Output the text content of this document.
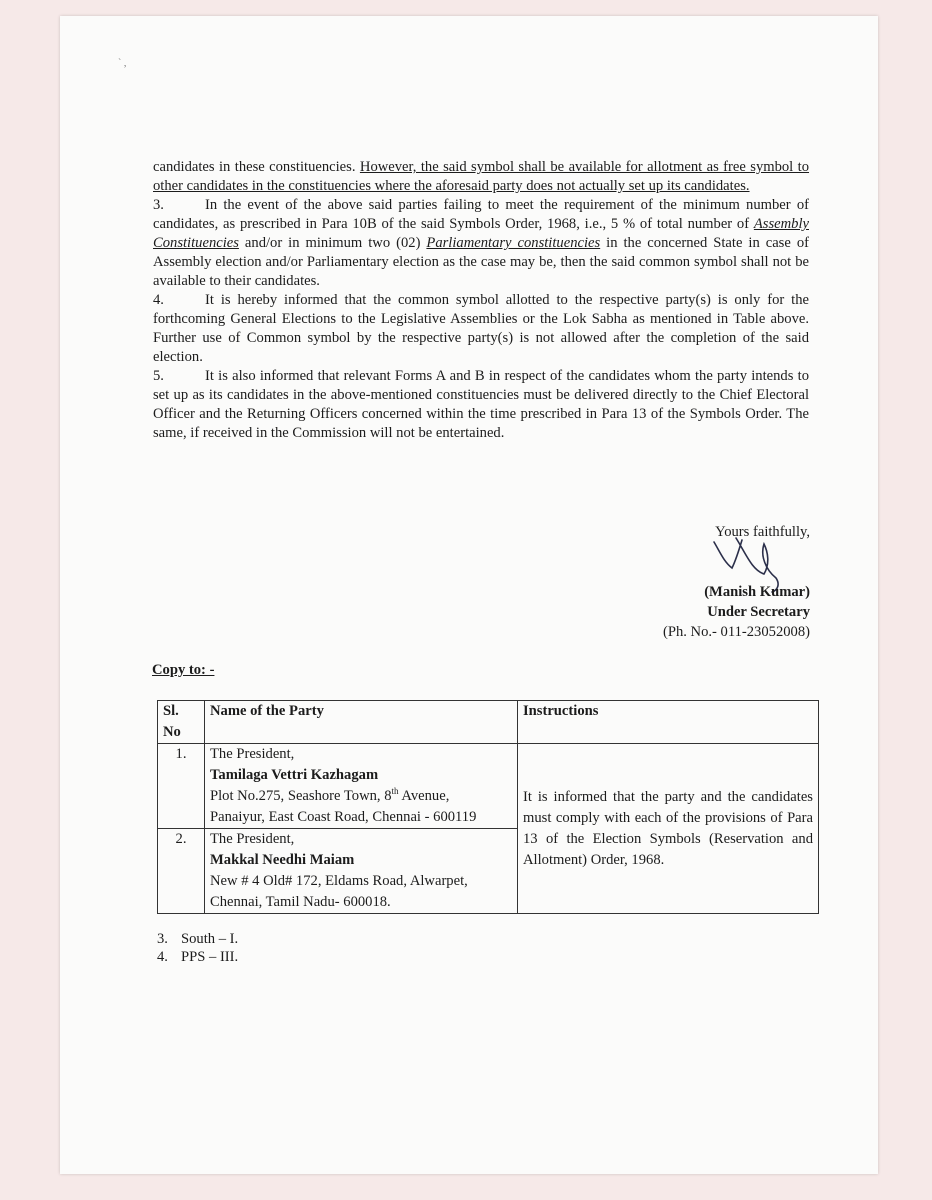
` ,

candidates in these constituencies. However, the said symbol shall be available for allotment as free symbol to other candidates in the constituencies where the aforesaid party does not actually set up its candidates.

3.	In the event of the above said parties failing to meet the requirement of the minimum number of candidates, as prescribed in Para 10B of the said Symbols Order, 1968, i.e., 5 % of total number of Assembly Constituencies and/or in minimum two (02) Parliamentary constituencies in the concerned State in case of Assembly election and/or Parliamentary election as the case may be, then the said common symbol shall not be available to their candidates.

4.	It is hereby informed that the common symbol allotted to the respective party(s) is only for the forthcoming General Elections to the Legislative Assemblies or the Lok Sabha as mentioned in Table above. Further use of Common symbol by the respective party(s) is not allowed after the completion of the said election.

5.	It is also informed that relevant Forms A and B in respect of the candidates whom the party intends to set up as its candidates in the above-mentioned constituencies must be delivered directly to the Chief Electoral Officer and the Returning Officers concerned within the time prescribed in Para 13 of the Symbols Order. The same, if received in the Commission will not be entertained.

Yours faithfully,
(Manish Kumar)
Under Secretary
(Ph. No.- 011-23052008)
Copy to: -
Sl. No	Name of the Party	Instructions
1.	The President,
Tamilaga Vettri Kazhagam
Plot No.275, Seashore Town, 8th Avenue,
Panaiyur, East Coast Road, Chennai - 600119	It is informed that the party and the candidates must comply with each of the provisions of Para 13 of the Election Symbols (Reservation and Allotment) Order, 1968.
2.	The President,
Makkal Needhi Maiam
New # 4 Old# 172, Eldams Road, Alwarpet,
Chennai, Tamil Nadu- 600018.	
3. South – I.
4. PPS – III.
